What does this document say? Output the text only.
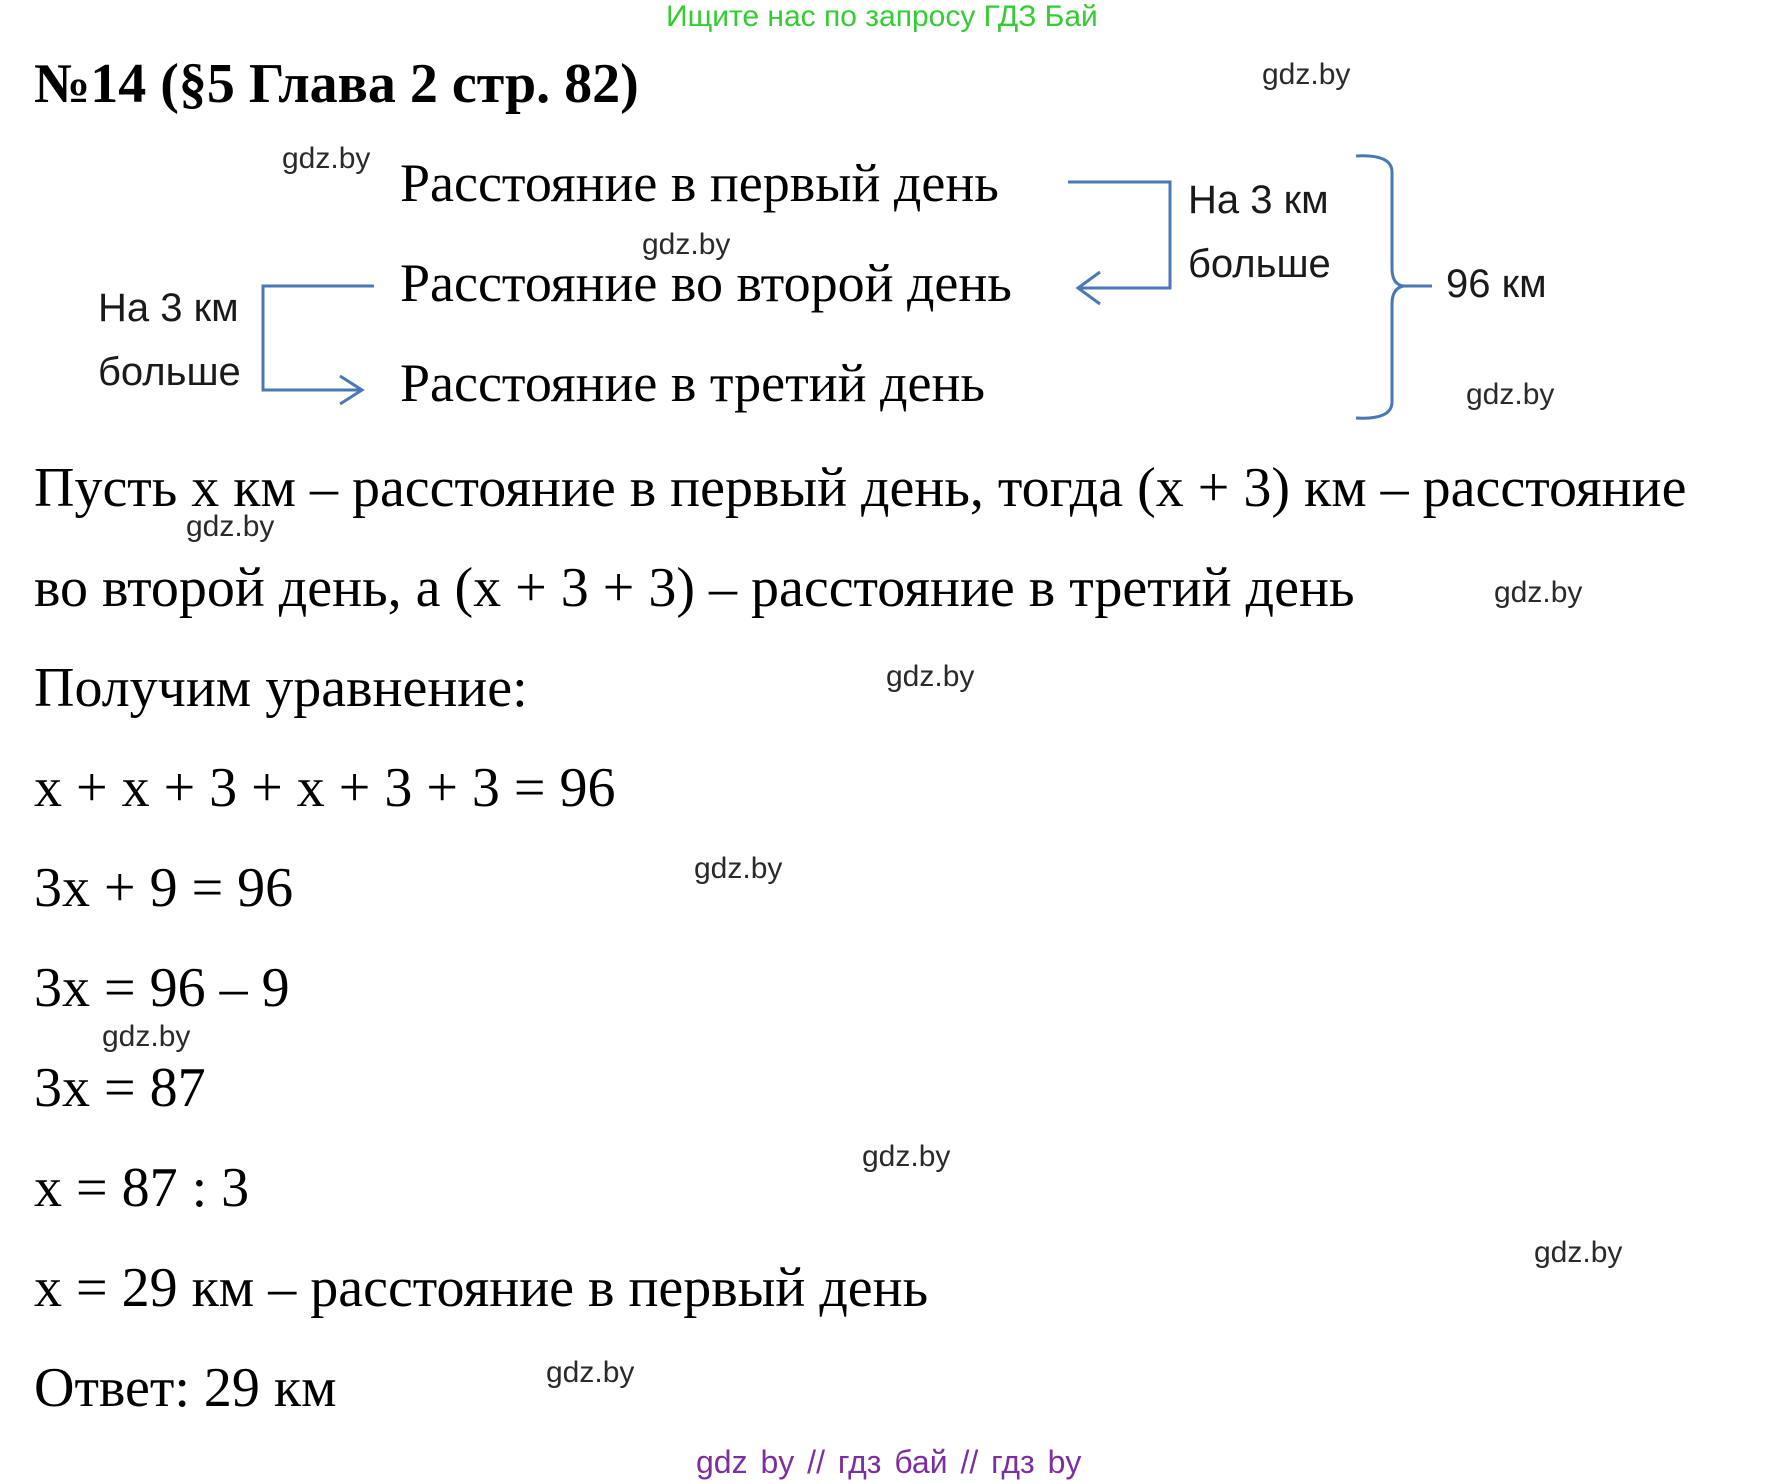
Ищите нас по запросу ГДЗ Бай
№14 (§5 Глава 2 стр. 82)	gdz.by
gdz.by
gdz.by
gdz.by
gdz.by
gdz.by
gdz.by
gdz.by
gdz.by
gdz.by
gdz.by
gdz.by
Расстояние в первый день
Расстояние во второй день
Расстояние в третий день
На 3 км
больше
На 3 км
больше
96 км
Пусть x км – расстояние в первый день, тогда (x + 3) км – расстояние
во второй день, а (x + 3 + 3) – расстояние в третий день
Получим уравнение:
x + x + 3 + x + 3 + 3 = 96
3x + 9 = 96
3x = 96 – 9
3x = 87
x = 87 : 3
x = 29 км – расстояние в первый день
Ответ: 29 км
gdz by // гдз бай // гдз by
